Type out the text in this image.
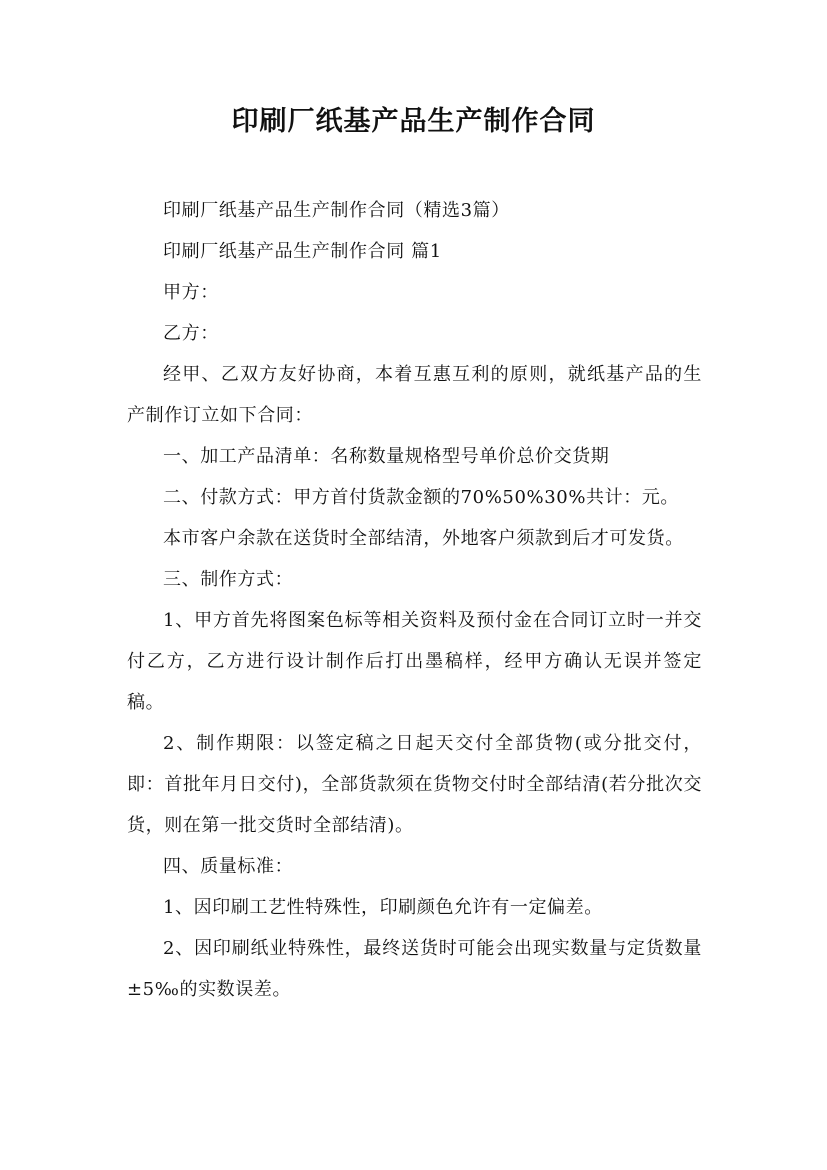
印刷厂纸基产品生产制作合同

印刷厂纸基产品生产制作合同（精选3篇）

印刷厂纸基产品生产制作合同 篇1

甲方：

乙方：

经甲、乙双方友好协商，本着互惠互利的原则，就纸基产品的生产制作订立如下合同：

一、加工产品清单：名称数量规格型号单价总价交货期

二、付款方式：甲方首付货款金额的70%50%30%共计：元。

本市客户余款在送货时全部结清，外地客户须款到后才可发货。

三、制作方式：

1、甲方首先将图案色标等相关资料及预付金在合同订立时一并交付乙方，乙方进行设计制作后打出墨稿样，经甲方确认无误并签定稿。

2、制作期限：以签定稿之日起天交付全部货物(或分批交付，即：首批年月日交付)，全部货款须在货物交付时全部结清(若分批次交货，则在第一批交货时全部结清)。

四、质量标准：

1、因印刷工艺性特殊性，印刷颜色允许有一定偏差。

2、因印刷纸业特殊性，最终送货时可能会出现实数量与定货数量±5‰的实数误差。
